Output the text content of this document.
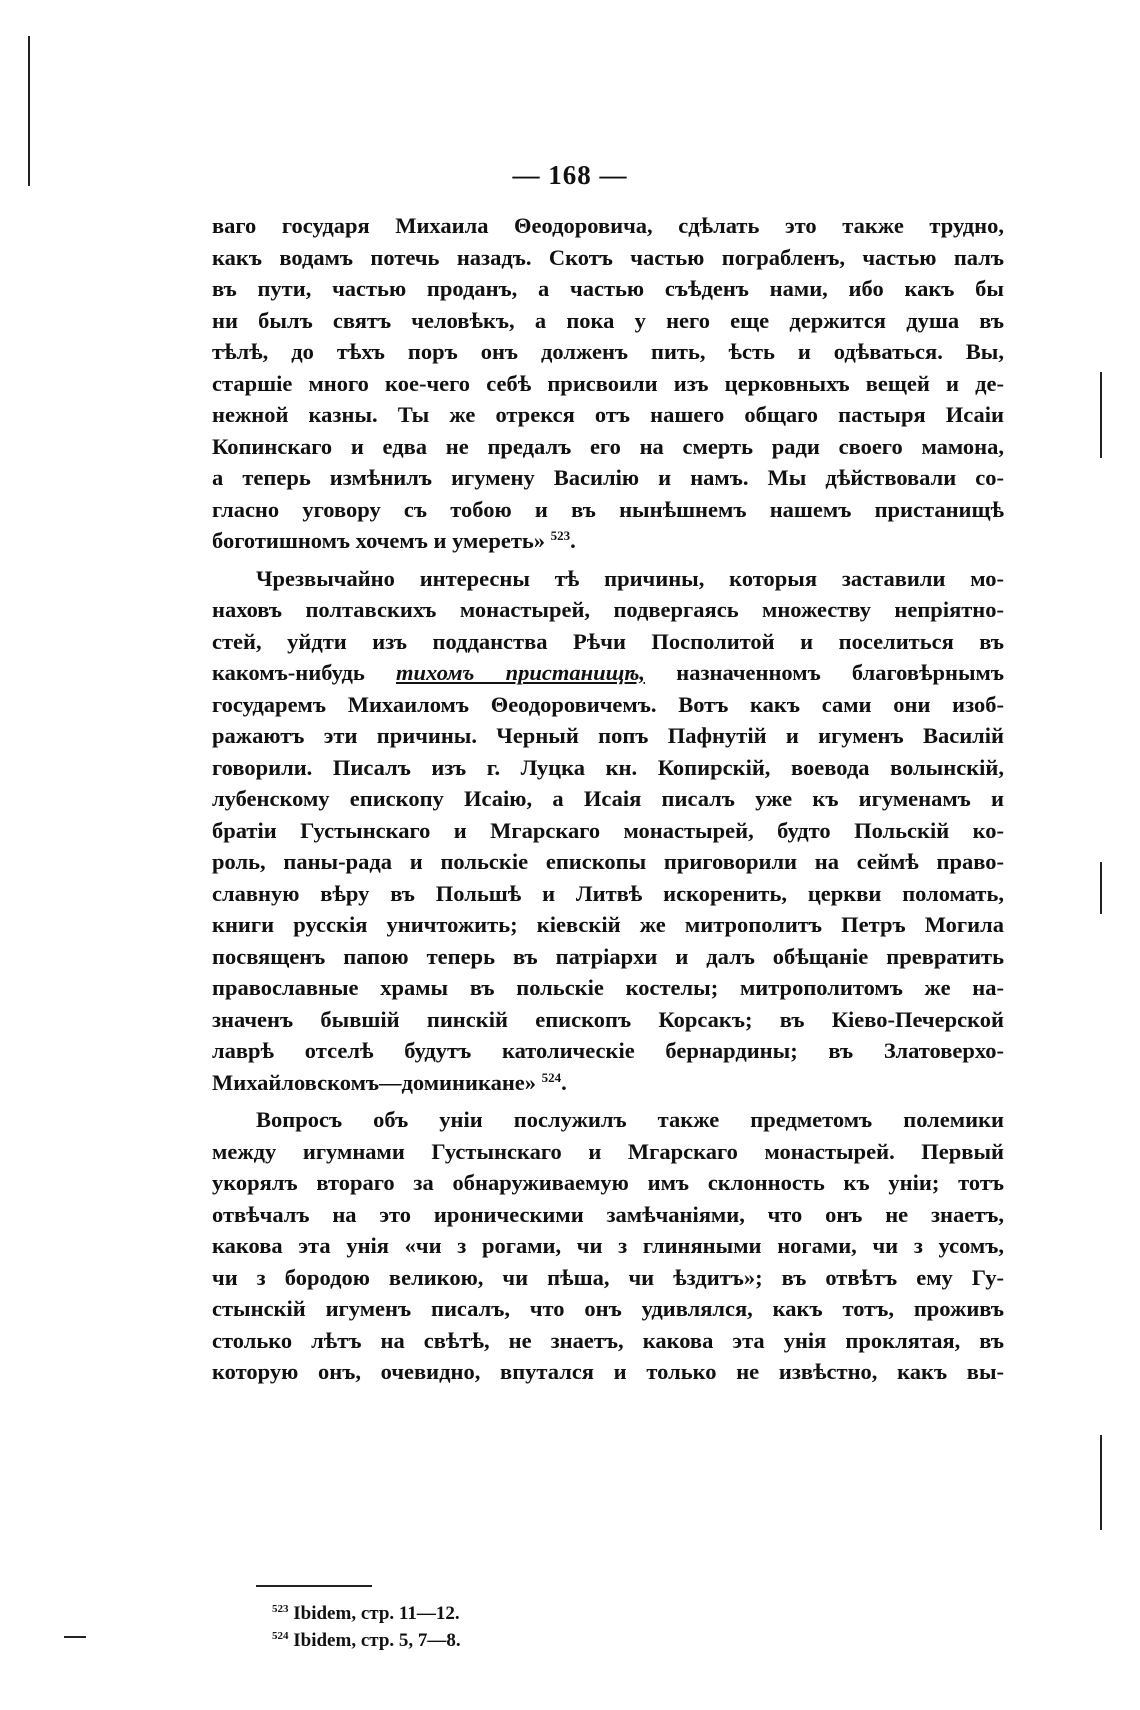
— 168 —
ваго государя Михаила Θеодоровича, сдѣлать это также трудно,
какъ водамъ потечь назадъ. Скотъ частью пограбленъ, частью палъ
въ пути, частью проданъ, а частью съѣденъ нами, ибо какъ бы
ни былъ святъ человѣкъ, а пока у него еще держится душа въ
тѣлѣ, до тѣхъ поръ онъ долженъ пить, ѣсть и одѣваться. Вы,
старшіе много кое-чего себѣ присвоили изъ церковныхъ вещей и де-
нежной казны. Ты же отрекся отъ нашего общаго пастыря Исаіи
Копинскаго и едва не предалъ его на смерть ради своего мамона,
а теперь измѣнилъ игумену Василію и намъ. Мы дѣйствовали со-
гласно уговору съ тобою и въ нынѣшнемъ нашемъ пристанищѣ
боготишномъ хочемъ и умереть» $^{523}$.
Чрезвычайно интересны тѣ причины, которыя заставили мо-
наховъ полтавскихъ монастырей, подвергаясь множеству непріятно-
стей, уйдти изъ подданства Рѣчи Посполитой и поселиться въ
какомъ-нибудь тихомъ пристанищѣ, назначенномъ благовѣрнымъ
государемъ Михаиломъ Θеодоровичемъ. Вотъ какъ сами они изоб-
ражаютъ эти причины. Черный попъ Пафнутій и игуменъ Василій
говорили. Писалъ изъ г. Луцка кн. Копирскій, воевода волынскій,
лубенскому епископу Исаію, а Исаія писалъ уже къ игуменамъ и
братіи Густынскаго и Мгарскаго монастырей, будто Польскій ко-
роль, паны-рада и польскіе епископы приговорили на сеймѣ право-
славную вѣру въ Польшѣ и Литвѣ искоренить, церкви поломать,
книги русскія уничтожить; кіевскій же митрополитъ Петръ Могила
посвященъ папою теперь въ патріархи и далъ обѣщаніе превратить
православные храмы въ польскіе костелы; митрополитомъ же на-
значенъ бывшій пинскій епископъ Корсакъ; въ Кіево-Печерской
лаврѣ отселѣ будутъ католическіе бернардины; въ Златоверхо-
Михайловскомъ—доминикане» $^{524}$.
Вопросъ объ уніи послужилъ также предметомъ полемики
между игумнами Густынскаго и Мгарскаго монастырей. Первый
укорялъ втораго за обнаруживаемую имъ склонность къ уніи; тотъ
отвѣчалъ на это ироническими замѣчаніями, что онъ не знаетъ,
какова эта унія «чи з рогами, чи з глиняными ногами, чи з усомъ,
чи з бородою великою, чи пѣша, чи ѣздитъ»; въ отвѣтъ ему Гу-
стынскій игуменъ писалъ, что онъ удивлялся, какъ тотъ, проживъ
столько лѣтъ на свѣтѣ, не знаетъ, какова эта унія проклятая, въ
которую онъ, очевидно, впутался и только не извѣстно, какъ вы-
$^{523}$ Ibidem, стр. 11—12.
$^{524}$ Ibidem, стр. 5, 7—8.
